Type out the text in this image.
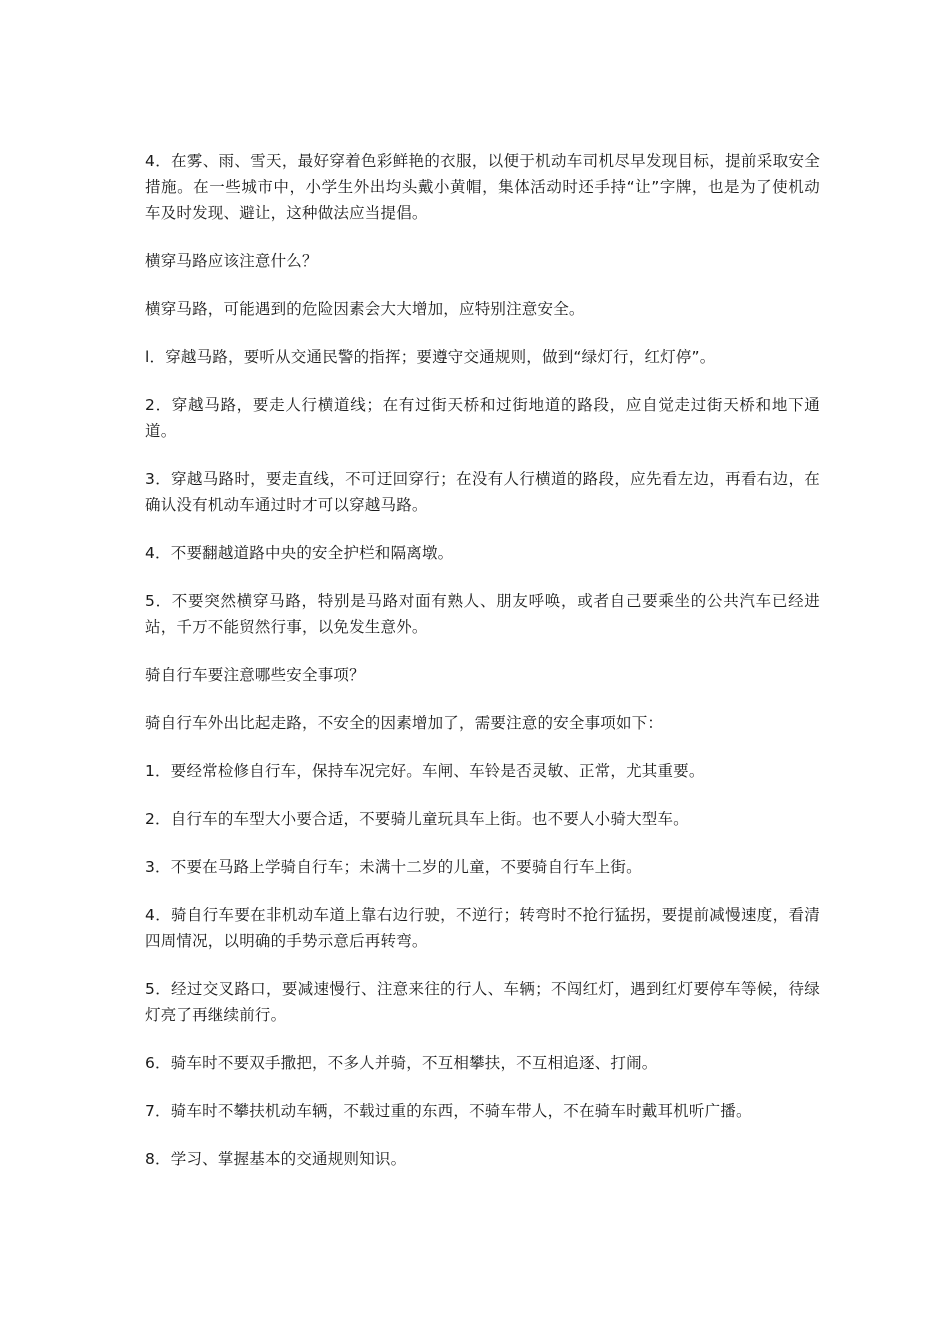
4．在雾、雨、雪天，最好穿着色彩鲜艳的衣服，以便于机动车司机尽早发现目标，提前采取安全措施。在一些城市中，小学生外出均头戴小黄帽，集体活动时还手持“让”字牌，也是为了使机动车及时发现、避让，这种做法应当提倡。

横穿马路应该注意什么？

横穿马路，可能遇到的危险因素会大大增加，应特别注意安全。

l．穿越马路，要听从交通民警的指挥；要遵守交通规则，做到“绿灯行，红灯停”。

2．穿越马路，要走人行横道线；在有过街天桥和过街地道的路段，应自觉走过街天桥和地下通道。

3．穿越马路时，要走直线，不可迂回穿行；在没有人行横道的路段，应先看左边，再看右边，在确认没有机动车通过时才可以穿越马路。

4．不要翻越道路中央的安全护栏和隔离墩。

5．不要突然横穿马路，特别是马路对面有熟人、朋友呼唤，或者自己要乘坐的公共汽车已经进站，千万不能贸然行事，以免发生意外。

骑自行车要注意哪些安全事项？

骑自行车外出比起走路，不安全的因素增加了，需要注意的安全事项如下：

1．要经常检修自行车，保持车况完好。车闸、车铃是否灵敏、正常，尤其重要。

2．自行车的车型大小要合适，不要骑儿童玩具车上街。也不要人小骑大型车。

3．不要在马路上学骑自行车；未满十二岁的儿童，不要骑自行车上街。

4．骑自行车要在非机动车道上靠右边行驶，不逆行；转弯时不抢行猛拐，要提前减慢速度，看清四周情况，以明确的手势示意后再转弯。

5．经过交叉路口，要减速慢行、注意来往的行人、车辆；不闯红灯，遇到红灯要停车等候，待绿灯亮了再继续前行。

6．骑车时不要双手撒把，不多人并骑，不互相攀扶，不互相追逐、打闹。

7．骑车时不攀扶机动车辆，不载过重的东西，不骑车带人，不在骑车时戴耳机听广播。

8．学习、掌握基本的交通规则知识。
